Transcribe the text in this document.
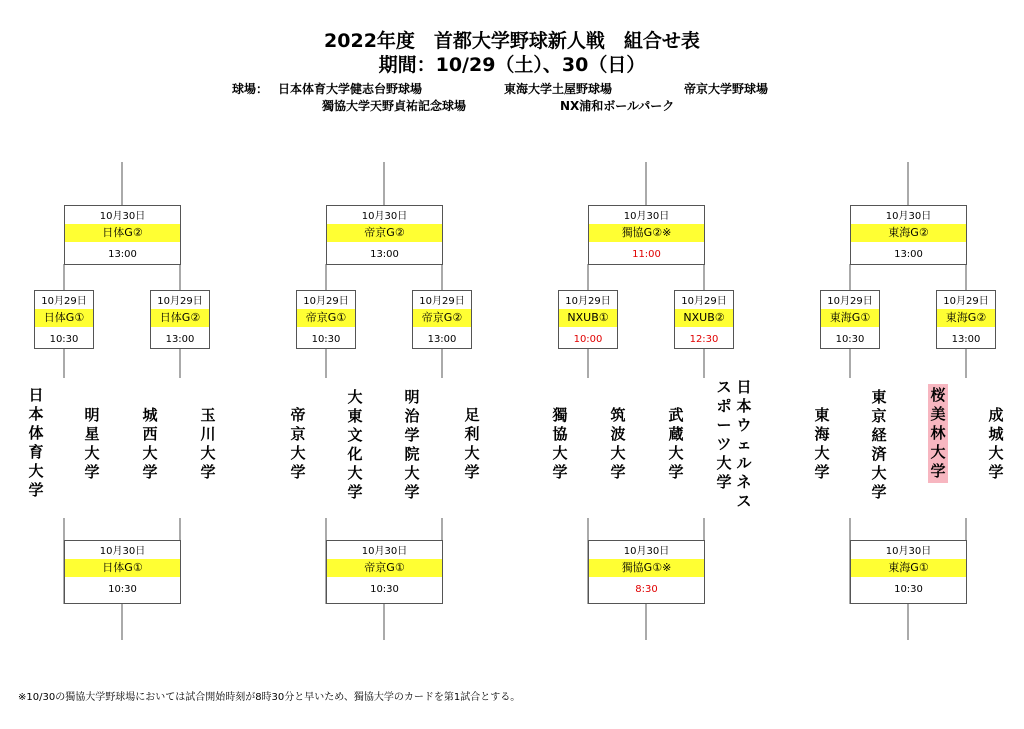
2022年度　首都大学野球新人戦　組合せ表
期間：10/29（土）、30（日）
球場： 日本体育大学健志台野球場	東海大学土屋野球場	帝京大学野球場
獨協大学天野貞祐記念球場	NX浦和ボールパーク
10月30日
日体G②
13:00
10月29日
日体G①
10:30
10月29日
日体G②
13:00
日本体育大学
明星大学
城西大学
玉川大学
10月30日
日体G①
10:30
10月30日
帝京G②
13:00
10月29日
帝京G①
10:30
10月29日
帝京G②
13:00
帝京大学
大東文化大学
明治学院大学
足利大学
10月30日
帝京G①
10:30
10月30日
獨協G②※
11:00
10月29日
NXUB①
10:00
10月29日
NXUB②
12:30
獨協大学
筑波大学
武蔵大学
スポーツ大学日本ウェルネス
10月30日
獨協G①※
8:30
10月30日
東海G②
13:00
10月29日
東海G①
10:30
10月29日
東海G②
13:00
東海大学
東京経済大学
桜美林大学
成城大学
10月30日
東海G①
10:30
※10/30の獨協大学野球場においては試合開始時刻が8時30分と早いため、獨協大学のカードを第1試合とする。
